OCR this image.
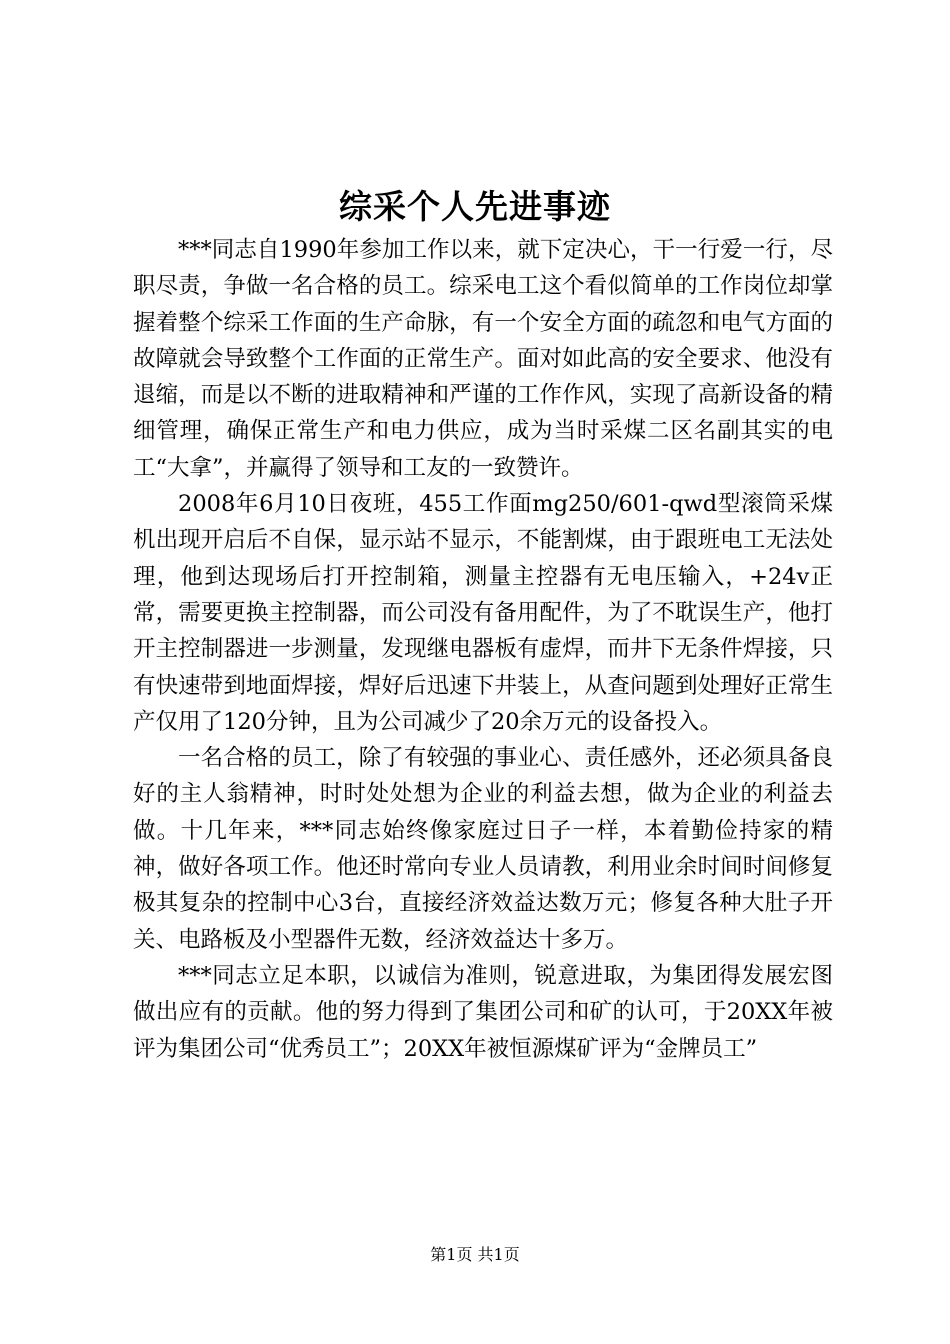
综采个人先进事迹

***同志自1990年参加工作以来，就下定决心，干一行爱一行，尽职尽责，争做一名合格的员工。综采电工这个看似简单的工作岗位却掌握着整个综采工作面的生产命脉，有一个安全方面的疏忽和电气方面的故障就会导致整个工作面的正常生产。面对如此高的安全要求、他没有退缩，而是以不断的进取精神和严谨的工作作风，实现了高新设备的精细管理，确保正常生产和电力供应，成为当时采煤二区名副其实的电工“大拿”，并赢得了领导和工友的一致赞许。

2008年6月10日夜班，455工作面mg250/601-qwd型滚筒采煤机出现开启后不自保，显示站不显示，不能割煤，由于跟班电工无法处理，他到达现场后打开控制箱，测量主控器有无电压输入，+24v正常，需要更换主控制器，而公司没有备用配件，为了不耽误生产，他打开主控制器进一步测量，发现继电器板有虚焊，而井下无条件焊接，只有快速带到地面焊接，焊好后迅速下井装上，从查问题到处理好正常生产仅用了120分钟，且为公司减少了20余万元的设备投入。

一名合格的员工，除了有较强的事业心、责任感外，还必须具备良好的主人翁精神，时时处处想为企业的利益去想，做为企业的利益去做。十几年来，***同志始终像家庭过日子一样，本着勤俭持家的精神，做好各项工作。他还时常向专业人员请教，利用业余时间时间修复极其复杂的控制中心3台，直接经济效益达数万元；修复各种大肚子开关、电路板及小型器件无数，经济效益达十多万。

***同志立足本职，以诚信为准则，锐意进取，为集团得发展宏图做出应有的贡献。他的努力得到了集团公司和矿的认可，于20XX年被评为集团公司“优秀员工”；20XX年被恒源煤矿评为“金牌员工”

第1页 共1页
